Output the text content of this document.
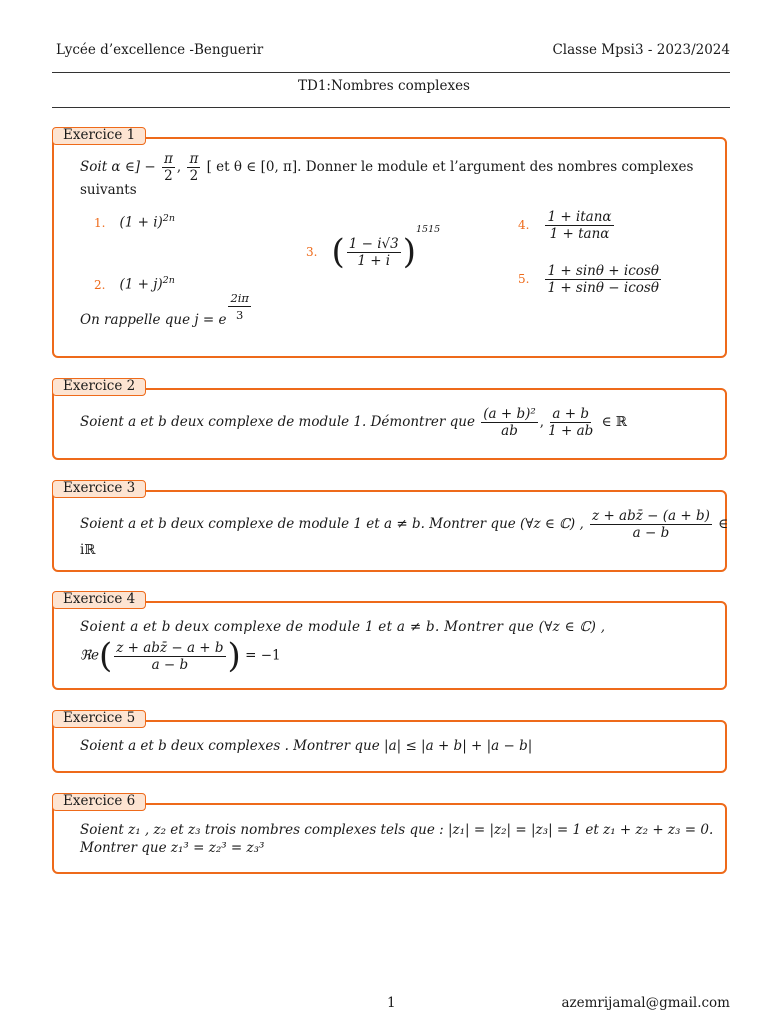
Lycée d’excellence -Benguerir	Classe Mpsi3 - 2023/2024
TD1:Nombres complexes
Exercice 1
Soit α ∈] − $\frac{\pi}{2}$ , $\frac{\pi}{2}$ [ et θ ∈ [0, π]. Donner le module et l’argument des nombres complexes
suivants
1. $(1 + i)^{2n}$
2. $(1 + j)^{2n}$
3. ( $\frac{1 - i√3}{1 + i} )^{1515}$	4. $\frac{1 + itan\alpha}{1 + \tan\alpha}$
5. $\frac{1 + \sin\theta + icos\theta}{1 + \sin\theta - icos\theta}$
On rappelle que j = e $\frac{2i\pi}{3}$
Exercice 2
Soient a et b deux complexe de module 1. Démontrer que $\frac{\text{(a + b)²}}{ab}$ , $\frac{a + b}{1 + ab}$ ∈ ℝ
Exercice 3
Soient a et b deux complexe de module 1 et a ≠ b. Montrer que (∀z ∈ ℂ) , $\frac{\text{z + abz̄ − (a + b)}}{a - b}$ ∈
iℝ
Exercice 4
Soient a et b deux complexe de module 1 et a ≠ b. Montrer que (∀z ∈ ℂ) ,
ℜe( $\frac{\text{z + abz̄ − a + b}}{a - b}$ ) = −1
Exercice 5
Soient a et b deux complexes . Montrer que |a| ≤ |a + b| + |a − b|
Exercice 6
Soient z₁ , z₂ et z₃ trois nombres complexes tels que : |z₁| = |z₂| = |z₃| = 1 et z₁ + z₂ + z₃ = 0.
Montrer que z₁³ = z₂³ = z₃³
1	azemrijamal@gmail.com
